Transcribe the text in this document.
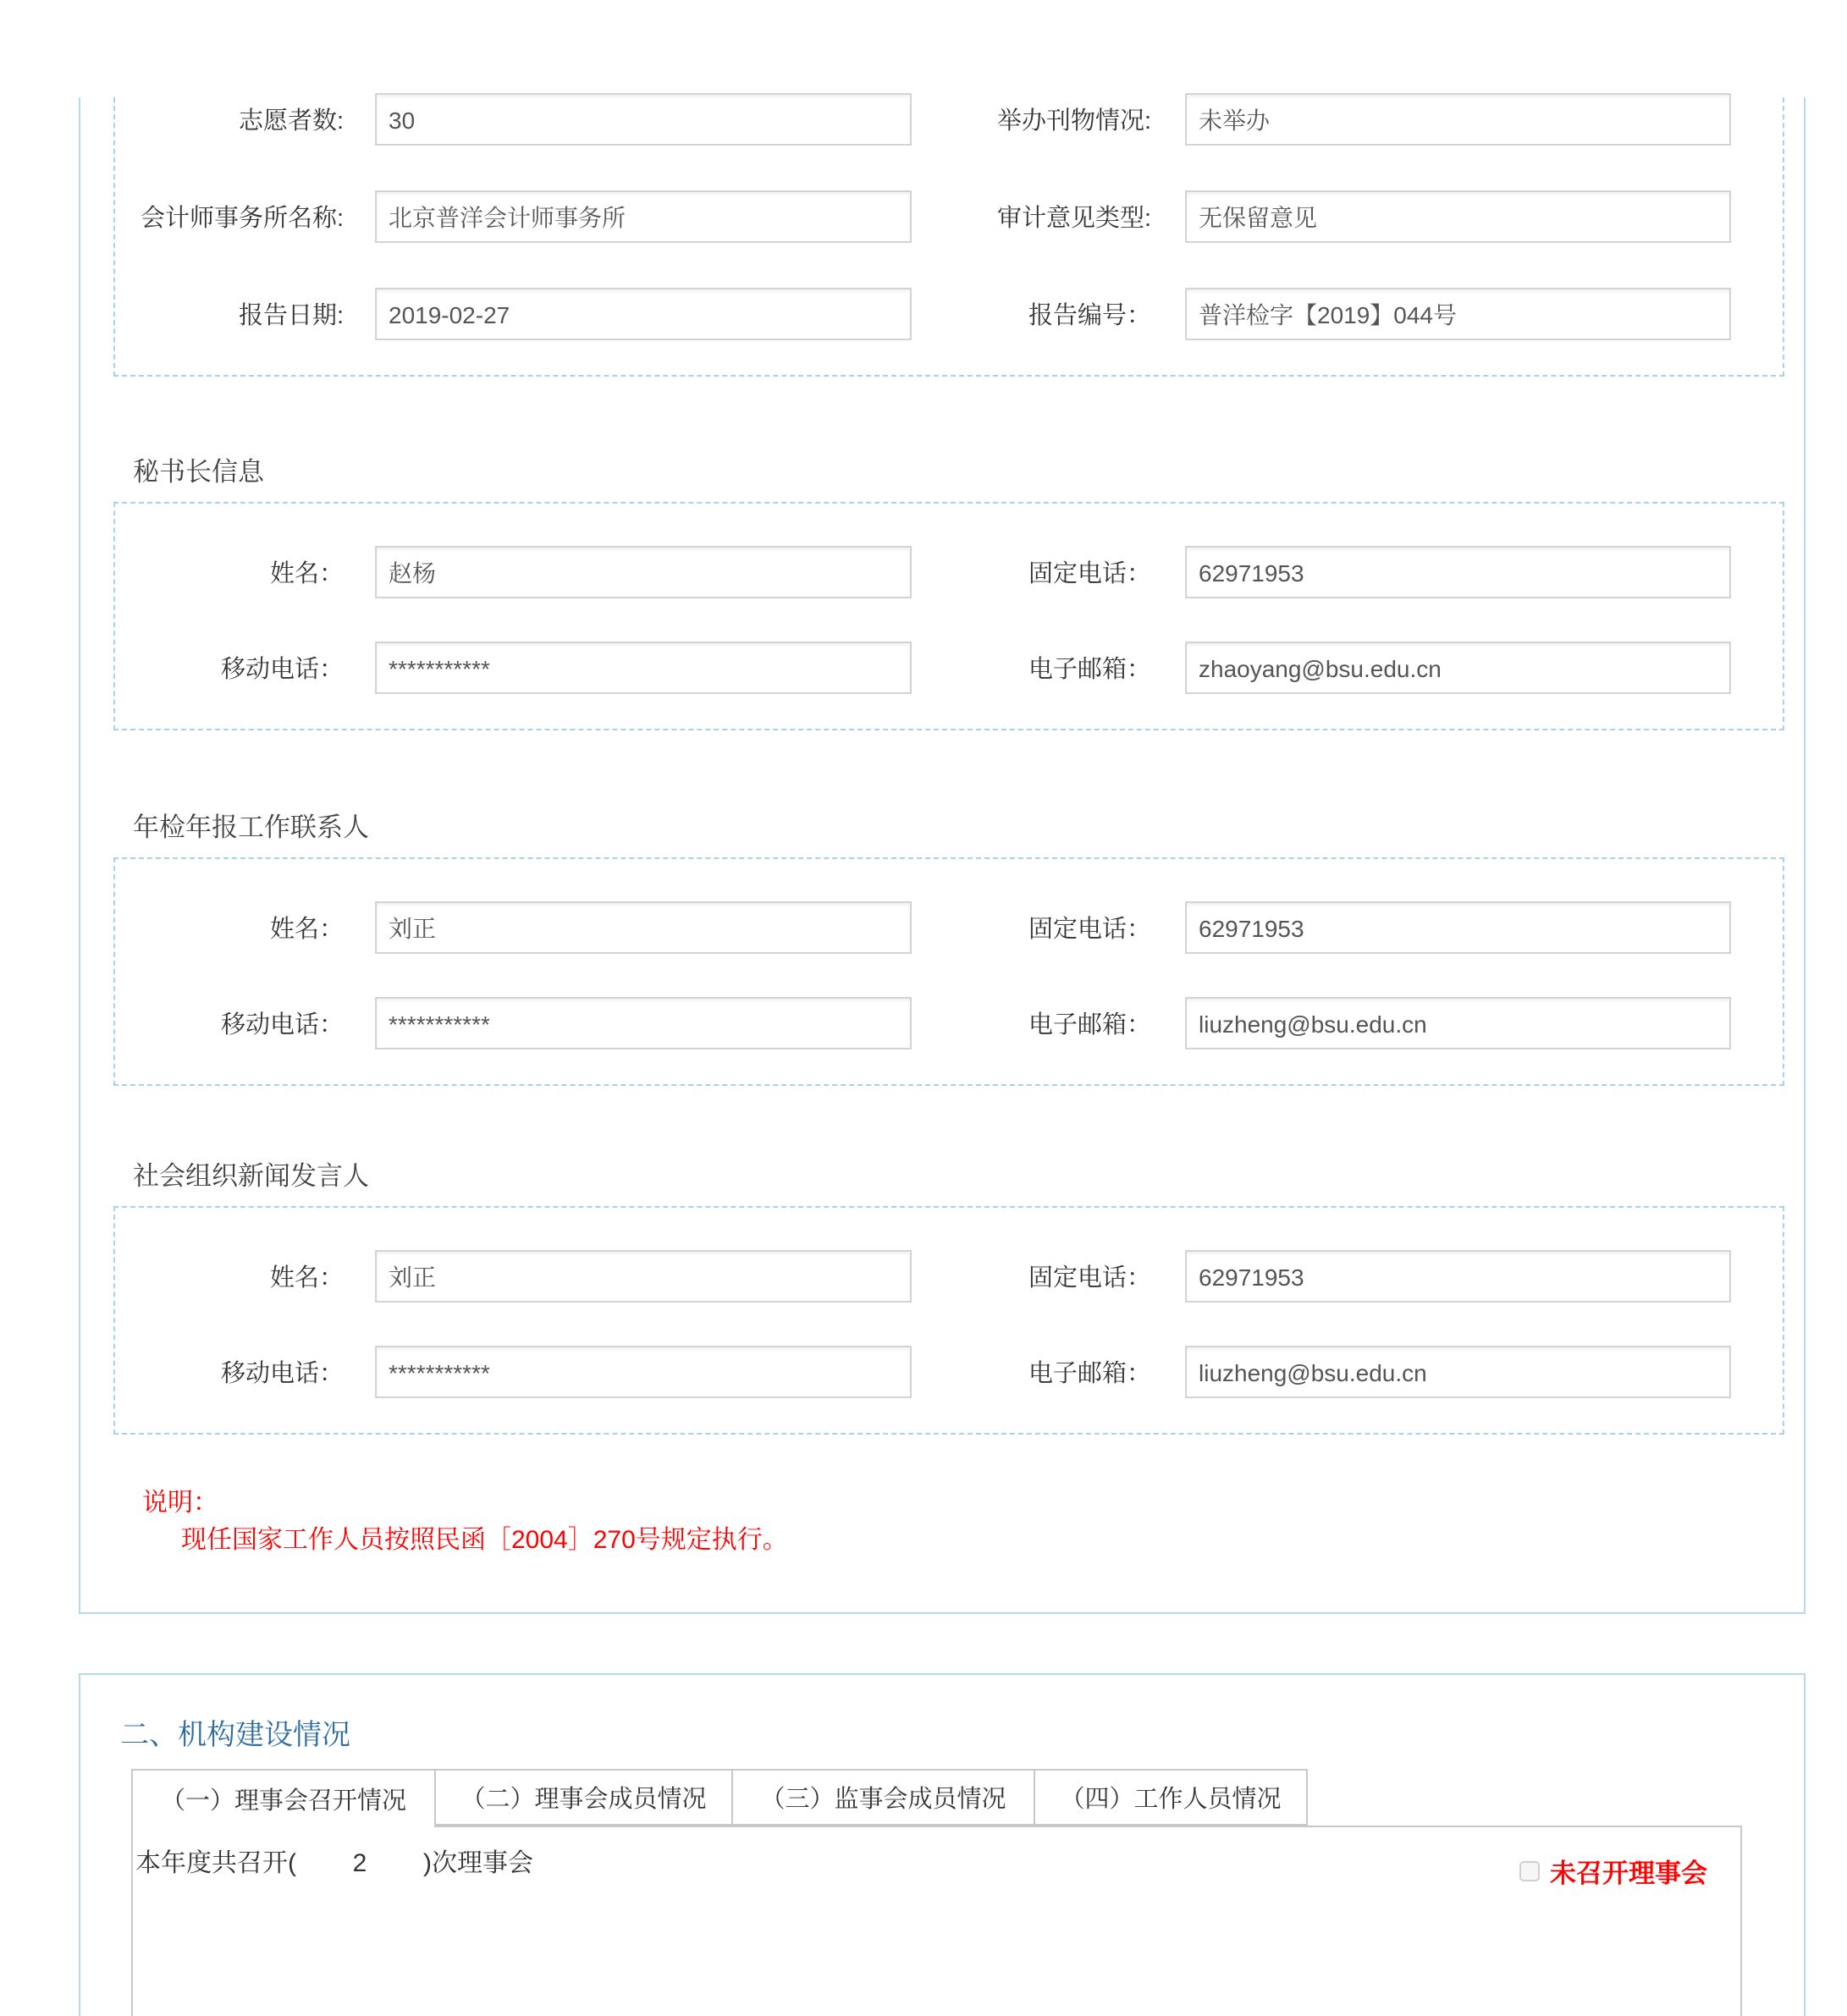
志愿者数:	30	举办刊物情况:	未举办
会计师事务所名称:	北京普洋会计师事务所	审计意见类型:	无保留意见
报告日期:	2019-02-27	报告编号：	普洋检字【2019】044号
秘书长信息
姓名：	赵杨	固定电话：	62971953
移动电话：	***********	电子邮箱：	zhaoyang@bsu.edu.cn
年检年报工作联系人
姓名：	刘正	固定电话：	62971953
移动电话：	***********	电子邮箱：	liuzheng@bsu.edu.cn
社会组织新闻发言人
姓名：	刘正	固定电话：	62971953
移动电话：	***********	电子邮箱：	liuzheng@bsu.edu.cn
说明：
现任国家工作人员按照民函［2004］270号规定执行。
二、机构建设情况
（一）理事会召开情况	（二）理事会成员情况	（三）监事会成员情况	（四）工作人员情况
本年度共召开( 2 )次理事会	未召开理事会
